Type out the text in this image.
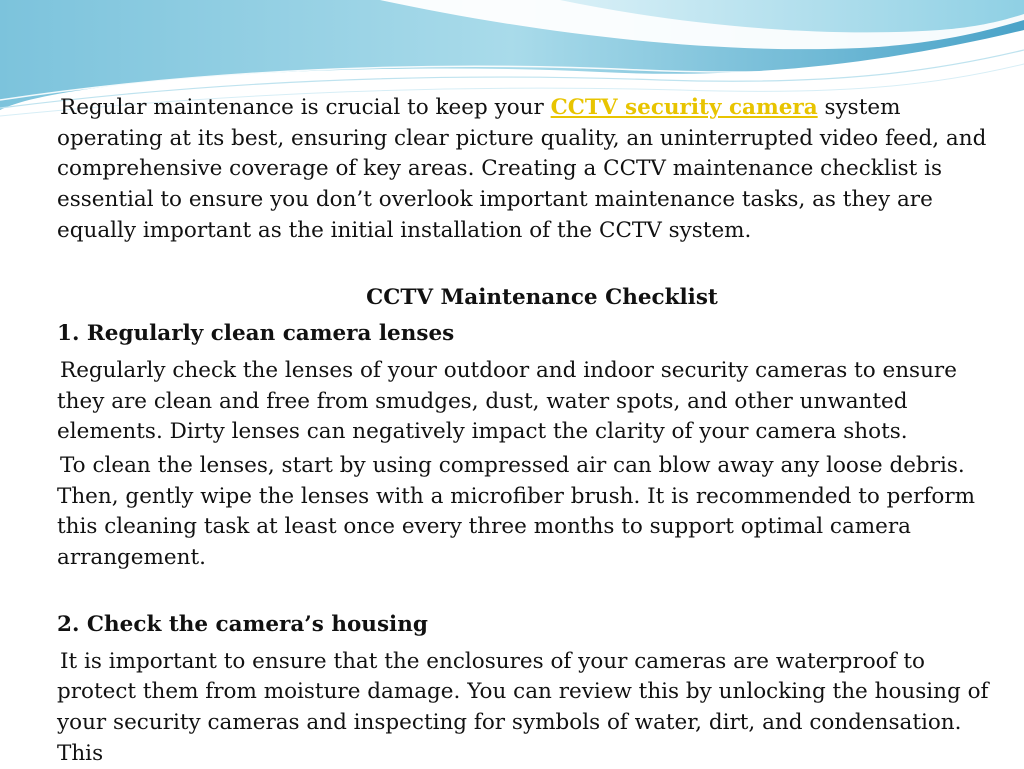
Regular maintenance is crucial to keep your CCTV security camera system operating at its best, ensuring clear picture quality, an uninterrupted video feed, and comprehensive coverage of key areas. Creating a CCTV maintenance checklist is essential to ensure you don’t overlook important maintenance tasks, as they are equally important as the initial installation of the CCTV system.

CCTV Maintenance Checklist

1. Regularly clean camera lenses

Regularly check the lenses of your outdoor and indoor security cameras to ensure they are clean and free from smudges, dust, water spots, and other unwanted elements. Dirty lenses can negatively impact the clarity of your camera shots.

To clean the lenses, start by using compressed air can blow away any loose debris. Then, gently wipe the lenses with a microfiber brush. It is recommended to perform this cleaning task at least once every three months to support optimal camera arrangement.

2. Check the camera’s housing

It is important to ensure that the enclosures of your cameras are waterproof to protect them from moisture damage. You can review this by unlocking the housing of your security cameras and inspecting for symbols of water, dirt, and condensation. This
